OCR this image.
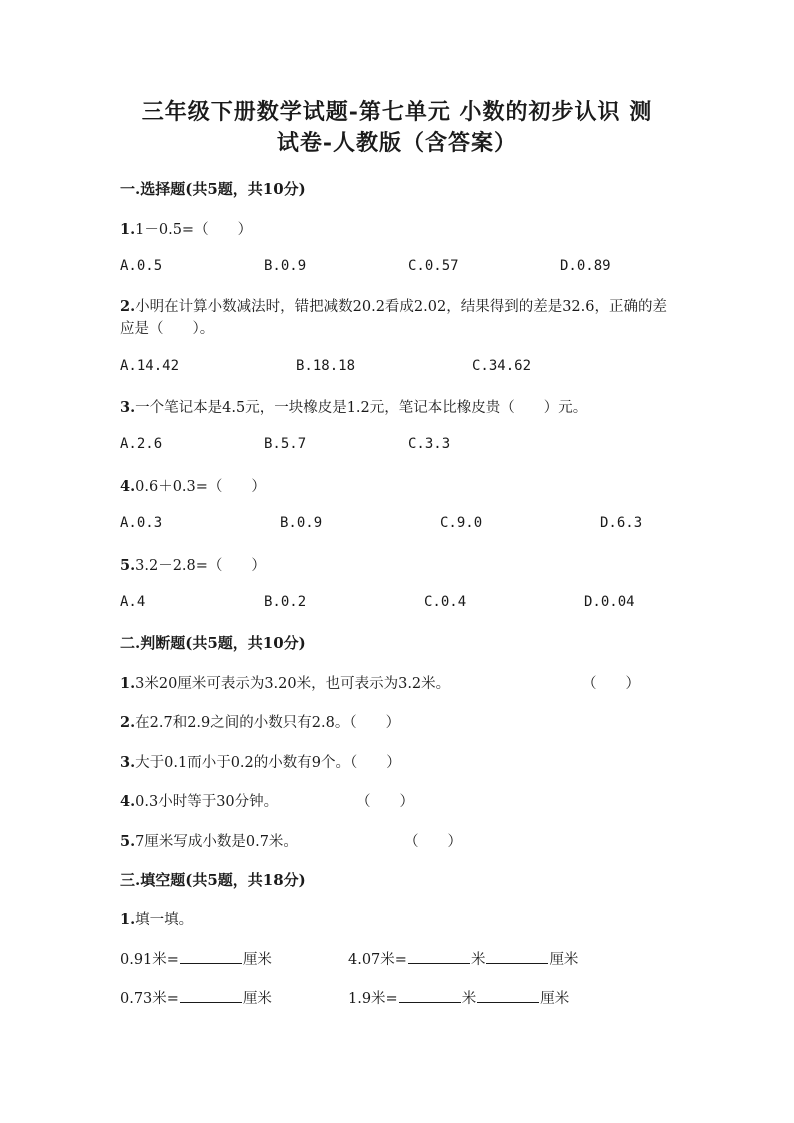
三年级下册数学试题-第七单元 小数的初步认识 测
试卷-人教版（含答案）
一.选择题(共5题，共10分)
1.1－0.5=（　　）
A.0.5	B.0.9	C.0.57	D.0.89
2.小明在计算小数减法时，错把减数20.2看成2.02，结果得到的差是32.6，正确的差应是（　　）。
A.14.42	B.18.18	C.34.62
3.一个笔记本是4.5元，一块橡皮是1.2元，笔记本比橡皮贵（　　）元。
A.2.6	B.5.7	C.3.3
4.0.6＋0.3=（　　）
A.0.3	B.0.9	C.9.0	D.6.3
5.3.2－2.8=（　　）
A.4	B.0.2	C.0.4	D.0.04
二.判断题(共5题，共10分)
1.3米20厘米可表示为3.20米，也可表示为3.2米。	（　　）
2.在2.7和2.9之间的小数只有2.8。（　　）
3.大于0.1而小于0.2的小数有9个。（　　）
4.0.3小时等于30分钟。	（　　）
5.7厘米写成小数是0.7米。	（　　）
三.填空题(共5题，共18分)
1.填一填。
0.91米=	厘米	4.07米=	米	厘米
0.73米=	厘米	1.9米=	米	厘米
